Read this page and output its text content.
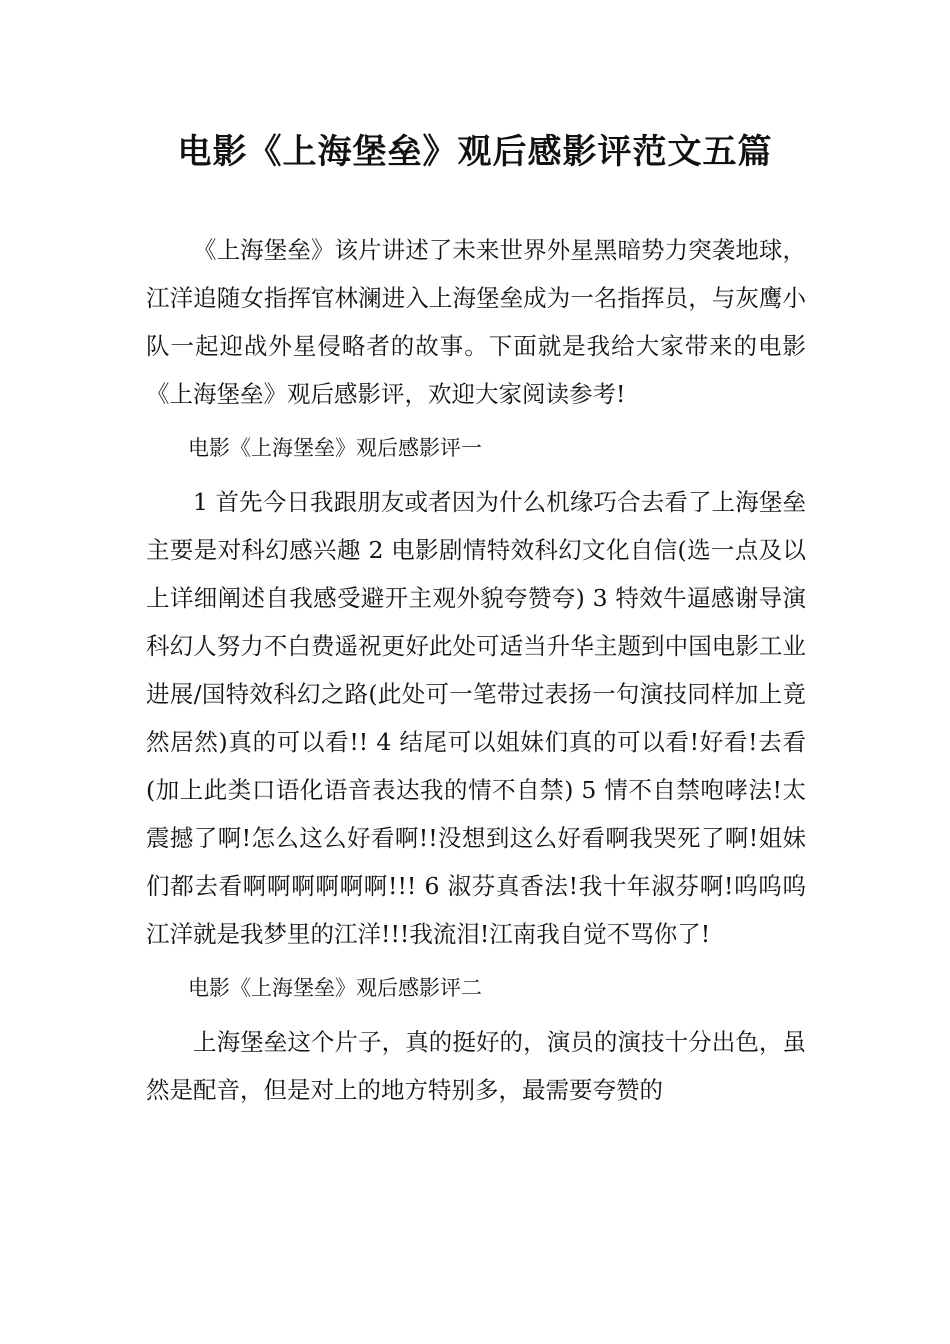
电影《上海堡垒》观后感影评范文五篇

《上海堡垒》该片讲述了未来世界外星黑暗势力突袭地球，江洋追随女指挥官林澜进入上海堡垒成为一名指挥员，与灰鹰小队一起迎战外星侵略者的故事。下面就是我给大家带来的电影《上海堡垒》观后感影评，欢迎大家阅读参考!

电影《上海堡垒》观后感影评一

1 首先今日我跟朋友或者因为什么机缘巧合去看了上海堡垒主要是对科幻感兴趣 2 电影剧情特效科幻文化自信(选一点及以上详细阐述自我感受避开主观外貌夸赞夸) 3 特效牛逼感谢导演科幻人努力不白费遥祝更好此处可适当升华主题到中国电影工业进展/国特效科幻之路(此处可一笔带过表扬一句演技同样加上竟然居然)真的可以看!! 4 结尾可以姐妹们真的可以看!好看!去看(加上此类口语化语音表达我的情不自禁) 5 情不自禁咆哮法!太震撼了啊!怎么这么好看啊!!没想到这么好看啊我哭死了啊!姐妹们都去看啊啊啊啊啊啊!!! 6 淑芬真香法!我十年淑芬啊!呜呜呜江洋就是我梦里的江洋!!!我流泪!江南我自觉不骂你了!

电影《上海堡垒》观后感影评二

上海堡垒这个片子，真的挺好的，演员的演技十分出色，虽然是配音，但是对上的地方特别多，最需要夸赞的
